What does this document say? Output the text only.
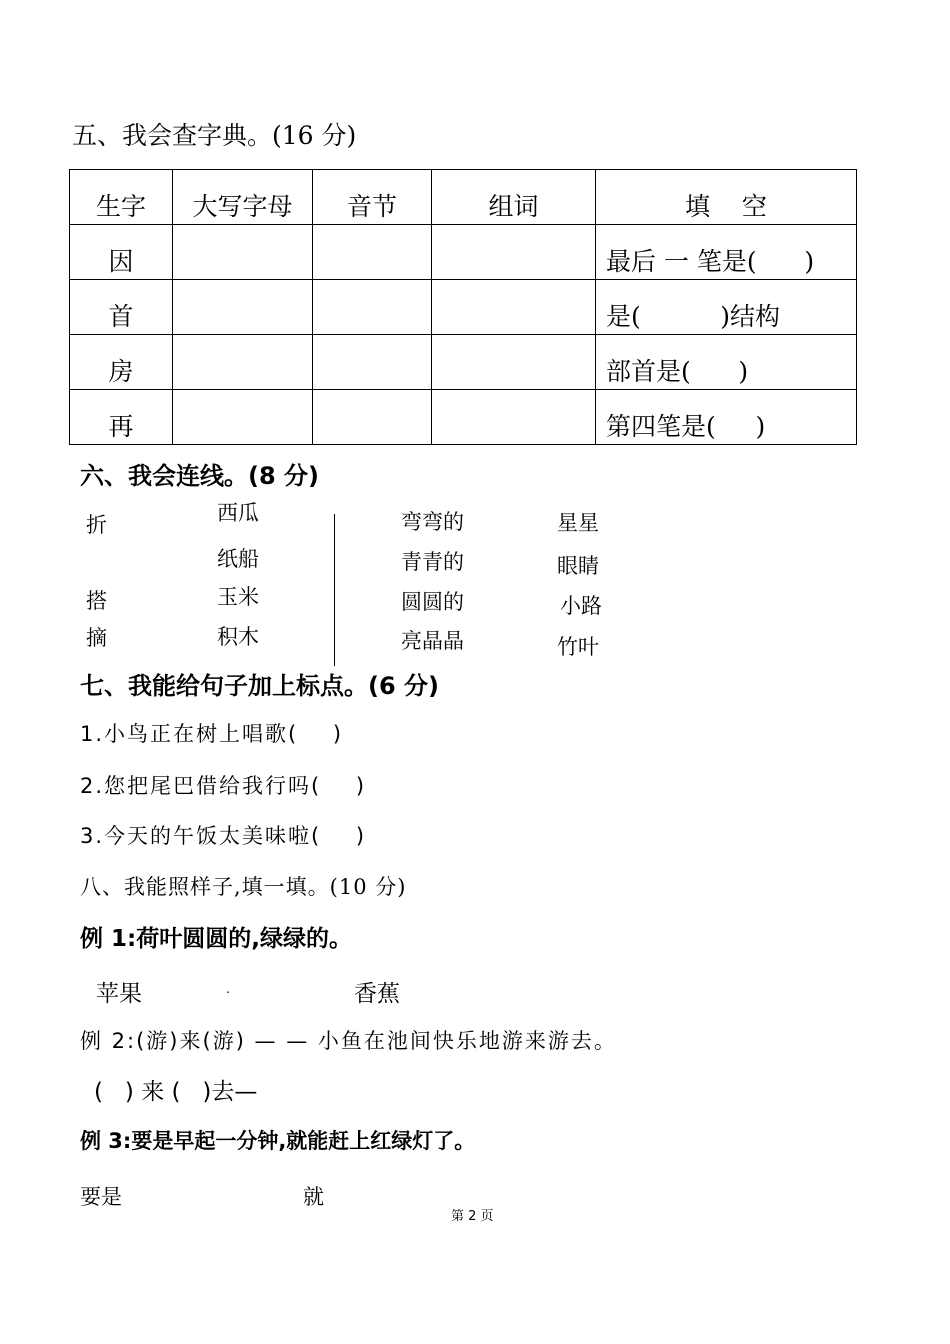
五、我会查字典。(16 分)
生字	大写字母	音节	组词	填    空
因				最后 一 笔是(      )
首				是(          )结构
房				部首是(      )
再				第四笔是(     )
六、我会连线。(8 分)
折
搭
摘
西瓜
纸船
玉米
积木
弯弯的
青青的
圆圆的
亮晶晶
星星
眼睛
小路
竹叶
七、我能给句子加上标点。(6 分)
1.小鸟正在树上唱歌(    )
2.您把尾巴借给我行吗(    )
3.今天的午饭太美味啦(    )
八、我能照样子,填一填。(10 分)
例 1:荷叶圆圆的,绿绿的。
苹果	.	香蕉
例 2:(游)来(游) — — 小鱼在池间快乐地游来游去。
(   ) 来 (   )去—
例 3:要是早起一分钟,就能赶上红绿灯了。
要是	就
第 2 页
